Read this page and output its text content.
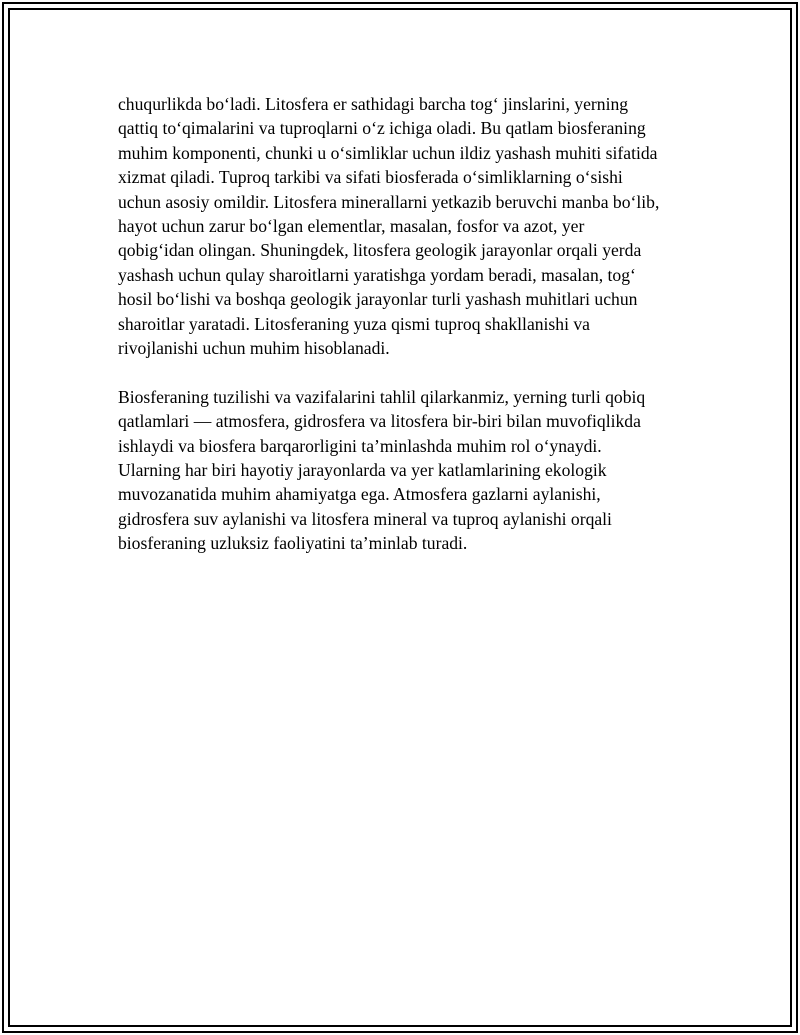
chuqurlikda bo‘ladi. Litosfera er sathidagi barcha tog‘ jinslarini, yerning
qattiq to‘qimalarini va tuproqlarni o‘z ichiga oladi. Bu qatlam biosferaning
muhim komponenti, chunki u o‘simliklar uchun ildiz yashash muhiti sifatida
xizmat qiladi. Tuproq tarkibi va sifati biosferada o‘simliklarning o‘sishi
uchun asosiy omildir. Litosfera minerallarni yetkazib beruvchi manba bo‘lib,
hayot uchun zarur bo‘lgan elementlar, masalan, fosfor va azot, yer
qobig‘idan olingan. Shuningdek, litosfera geologik jarayonlar orqali yerda
yashash uchun qulay sharoitlarni yaratishga yordam beradi, masalan, tog‘
hosil bo‘lishi va boshqa geologik jarayonlar turli yashash muhitlari uchun
sharoitlar yaratadi. Litosferaning yuza qismi tuproq shakllanishi va
rivojlanishi uchun muhim hisoblanadi.

Biosferaning tuzilishi va vazifalarini tahlil qilarkanmiz, yerning turli qobiq
qatlamlari — atmosfera, gidrosfera va litosfera bir-biri bilan muvofiqlikda
ishlaydi va biosfera barqarorligini ta’minlashda muhim rol o‘ynaydi.
Ularning har biri hayotiy jarayonlarda va yer katlamlarining ekologik
muvozanatida muhim ahamiyatga ega. Atmosfera gazlarni aylanishi,
gidrosfera suv aylanishi va litosfera mineral va tuproq aylanishi orqali
biosferaning uzluksiz faoliyatini ta’minlab turadi.
